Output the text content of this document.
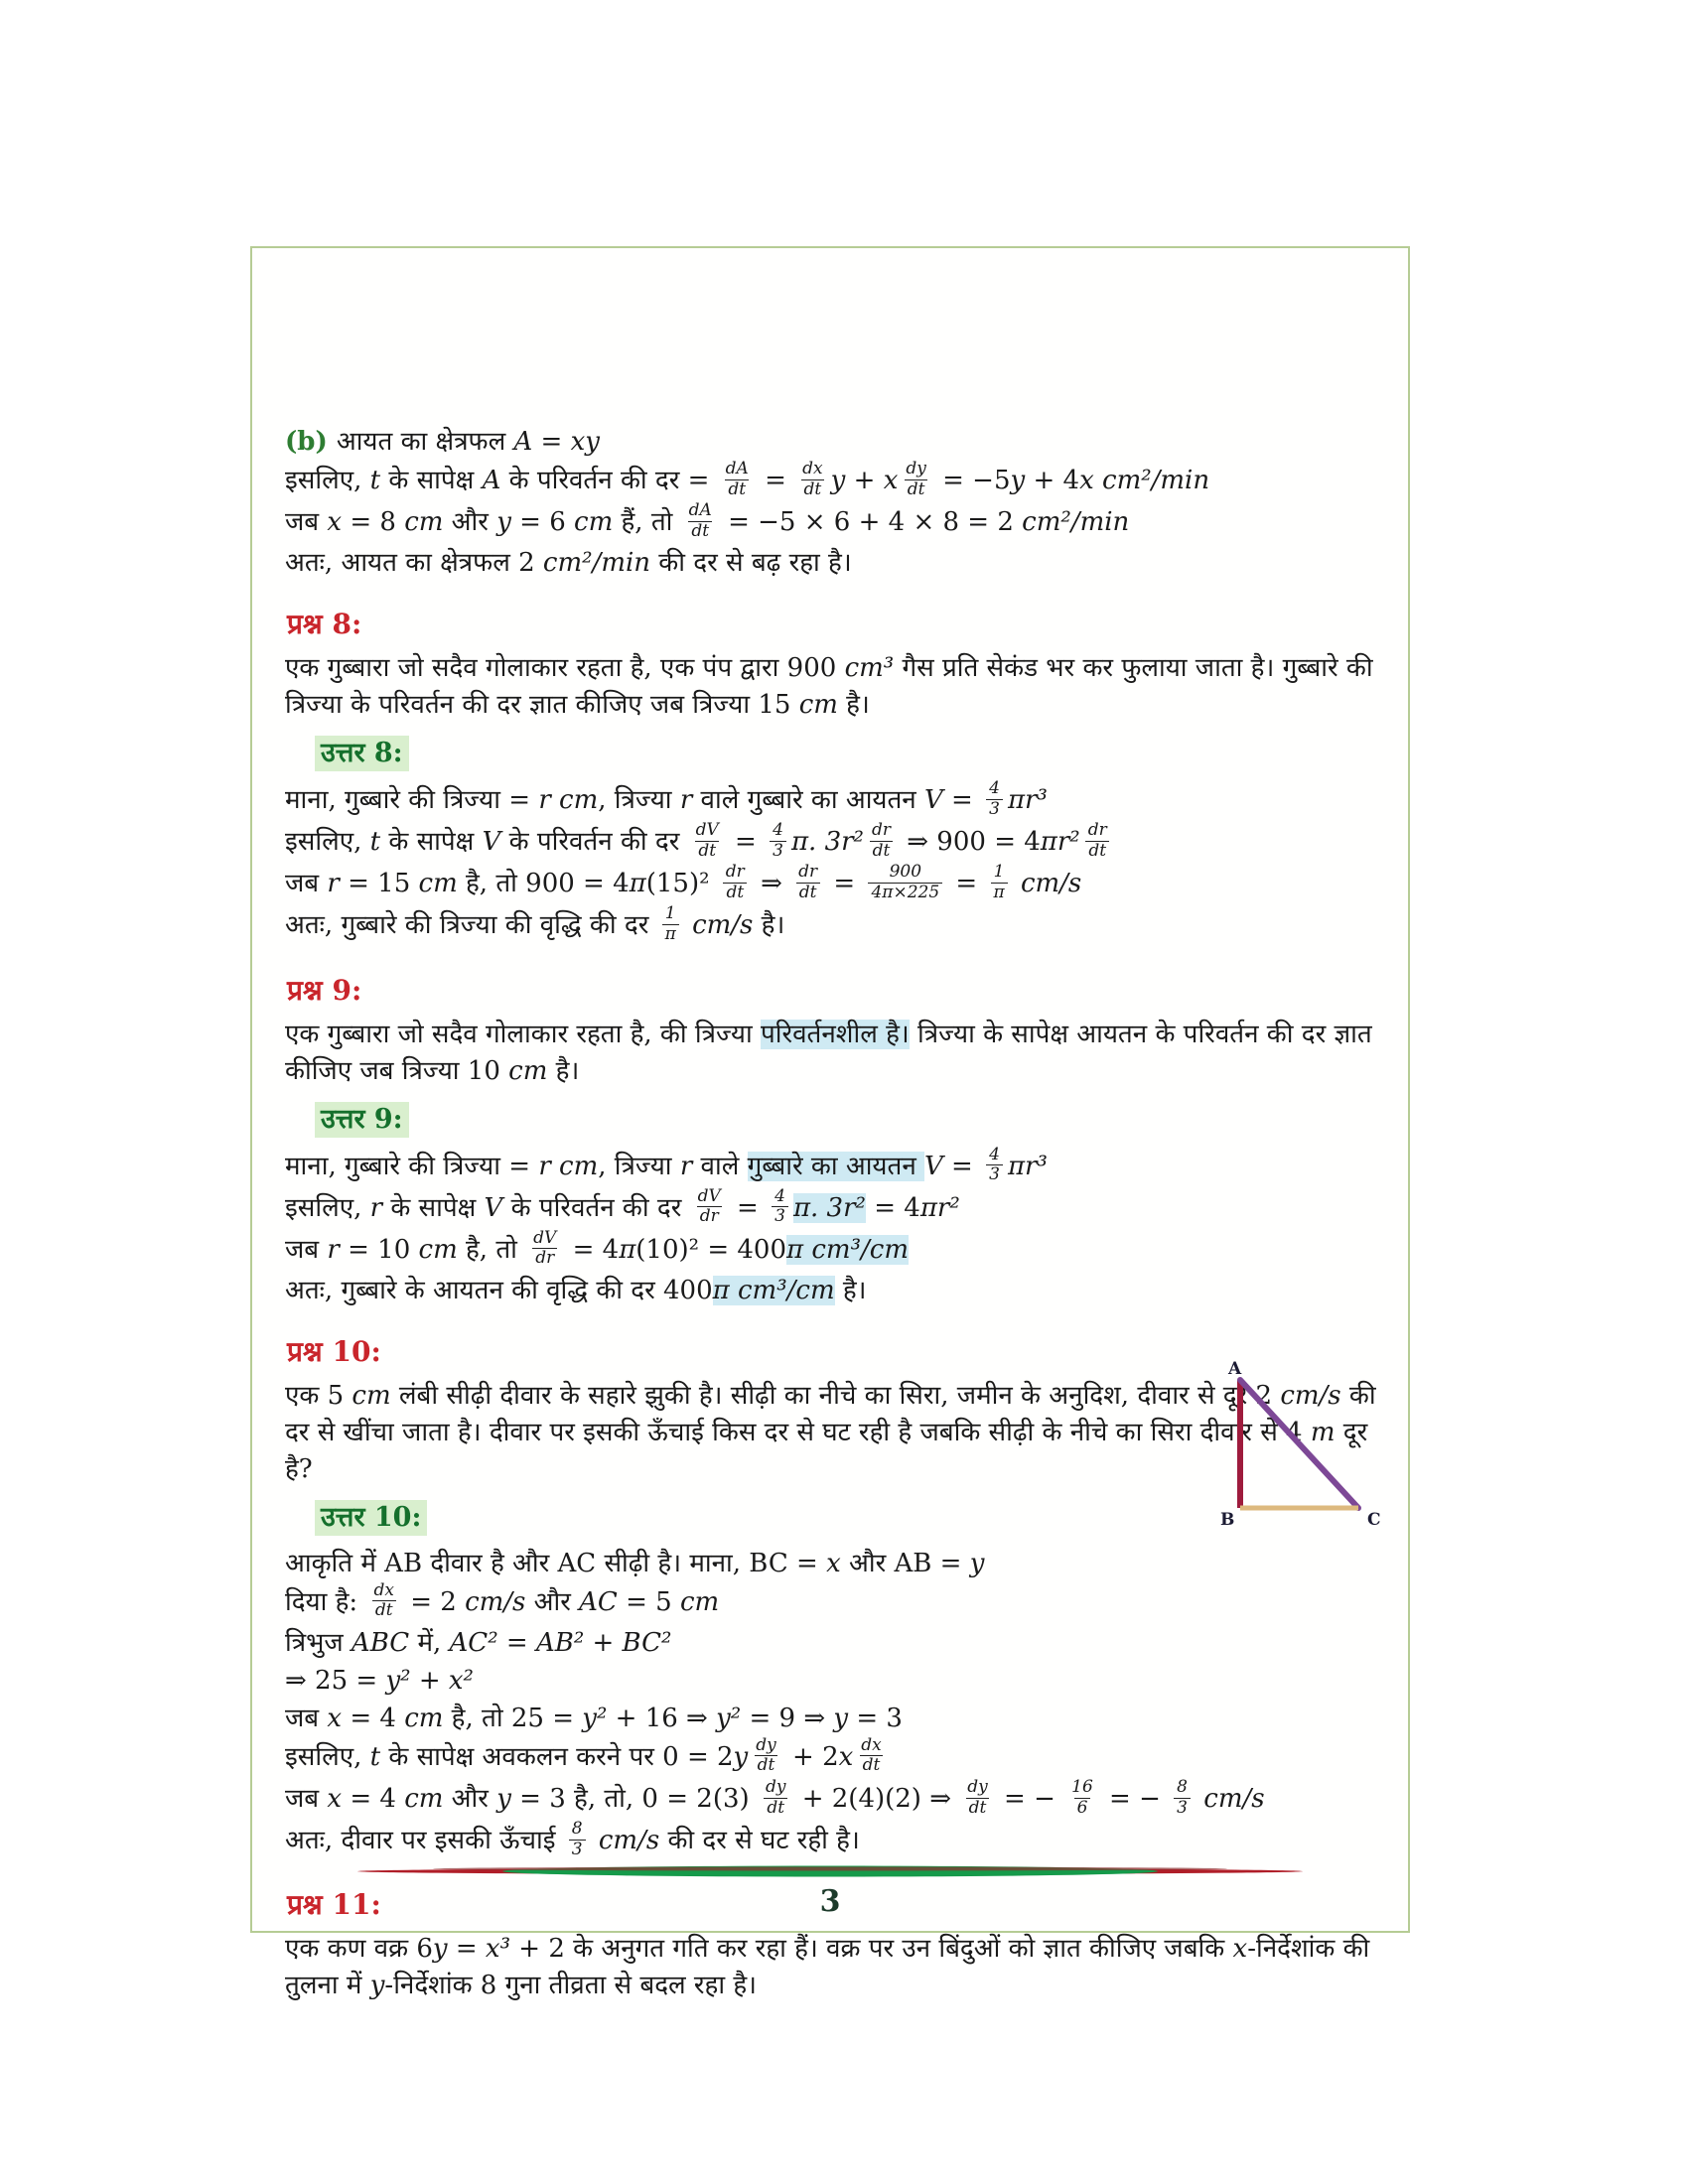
(b) आयत का क्षेत्रफल A = xy
इसलिए, t के सापेक्ष A के परिवर्तन की दर = $\frac{dA}{dt} = \frac{dx}{dt}$ y + x $\frac{dy}{dt} = -5y + 4x$ cm²/min
जब x = 8 cm और y = 6 cm हैं, तो $\frac{dA}{dt} = -5 \times 6 + 4 \times 8 = 2$ cm²/min
अतः, आयत का क्षेत्रफल 2 cm²/min की दर से बढ़ रहा है।
प्रश्न 8:

एक गुब्बारा जो सदैव गोलाकार रहता है, एक पंप द्वारा 900 cm³ गैस प्रति सेकंड भर कर फुलाया जाता है। गुब्बारे की त्रिज्या के परिवर्तन की दर ज्ञात कीजिए जब त्रिज्या 15 cm है।

उत्तर 8:
माना, गुब्बारे की त्रिज्या = r cm, त्रिज्या r वाले गुब्बारे का आयतन $V = \frac{4}{3} \pi r^3$
इसलिए, t के सापेक्ष V के परिवर्तन की दर $\frac{dV}{dt} = \frac{4}{3} \pi$. $3r^2 \frac{dr}{dt}$ ⇒ $900 = 4\pi r^2 \frac{dr}{dt}$
जब r = 15 cm है, तो $900 = 4\pi(15)^2 \frac{dr}{dt}$ ⇒ $\frac{dr}{dt} = \frac{900}{4\pi\times 225} = \frac{1}{\pi} cm/s$
अतः, गुब्बारे की त्रिज्या की वृद्धि की दर $\frac{1}{\pi} cm/s$ है।
प्रश्न 9:

एक गुब्बारा जो सदैव गोलाकार रहता है, की त्रिज्या परिवर्तनशील है। त्रिज्या के सापेक्ष आयतन के परिवर्तन की दर ज्ञात कीजिए जब त्रिज्या 10 cm है।

उत्तर 9:
माना, गुब्बारे की त्रिज्या = r cm, त्रिज्या r वाले गुब्बारे का आयतन $V = \frac{4}{3} \pi r^3$
इसलिए, r के सापेक्ष V के परिवर्तन की दर $\frac{dV}{dr} = \frac{4}{3} \pi$. 3r² = 4πr²
जब r = 10 cm है, तो $\frac{dV}{dr} = 4\pi(10)^2 = 400\pi$ cm³/cm
अतः, गुब्बारे के आयतन की वृद्धि की दर 400π cm³/cm है।
प्रश्न 10:

एक 5 cm लंबी सीढ़ी दीवार के सहारे झुकी है। सीढ़ी का नीचे का सिरा, जमीन के अनुदिश, दीवार से दूर 2 cm/s की दर से खींचा जाता है। दीवार पर इसकी ऊँचाई किस दर से घट रही है जबकि सीढ़ी के नीचे का सिरा दीवार से 4 m दूर है?

उत्तर 10:
आकृति में AB दीवार है और AC सीढ़ी है। माना, BC = x और AB = y
दिया है: $\frac{dx}{dt} = 2$ cm/s और AC = 5 cm
त्रिभुज ABC में, AC² = AB² + BC²
⇒ 25 = y² + x²
जब x = 4 cm है, तो 25 = y² + 16 ⇒ y² = 9 ⇒ y = 3
इसलिए, t के सापेक्ष अवकलन करने पर $0 = 2y \frac{dy}{dt} + 2x \frac{dx}{dt}$
जब x = 4 cm और y = 3 है, तो, $0 = 2(3) \frac{dy}{dt} + 2(4)(2)$ ⇒ $\frac{dy}{dt}$ = − $\frac{16}{6}$ = − $\frac{8}{3} cm/s$
अतः, दीवार पर इसकी ऊँचाई $\frac{8}{3} cm/s$ की दर से घट रही है।
प्रश्न 11:

एक कण वक्र 6y = x³ + 2 के अनुगत गति कर रहा हैं। वक्र पर उन बिंदुओं को ज्ञात कीजिए जबकि x-निर्देशांक की तुलना में y-निर्देशांक 8 गुना तीव्रता से बदल रहा है।

A
B	C
3
